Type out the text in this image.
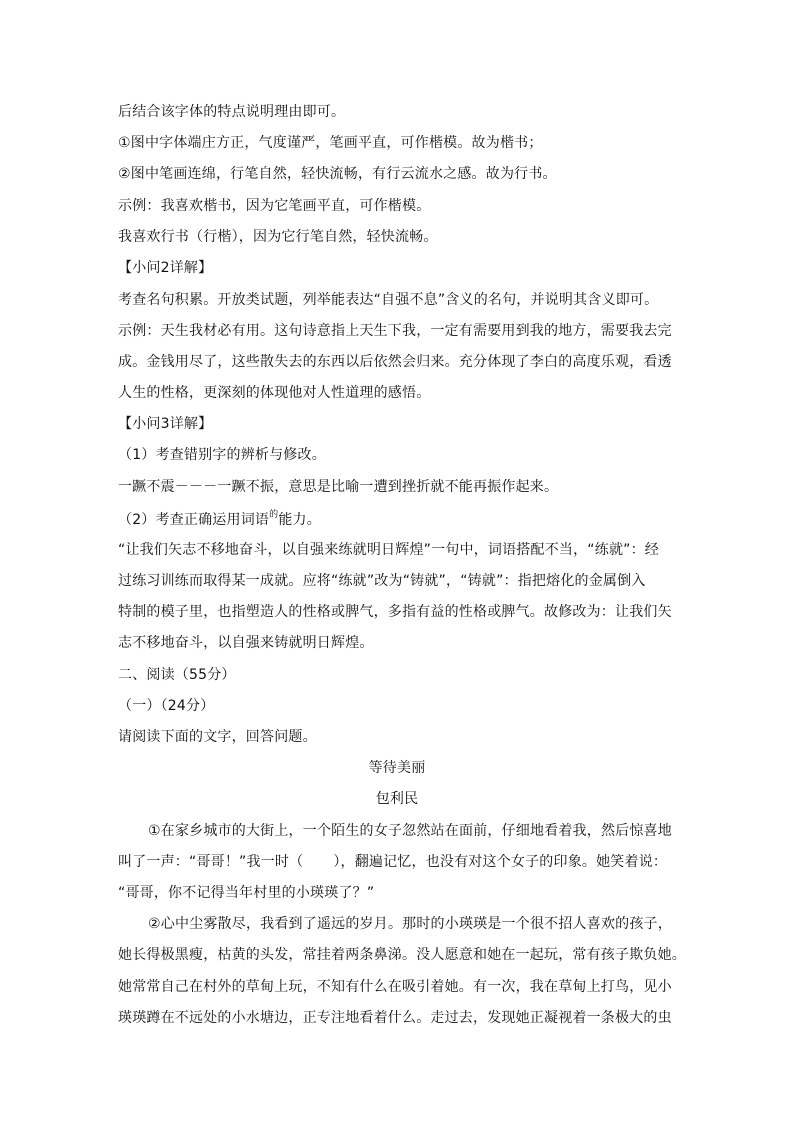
后结合该字体的特点说明理由即可。
①图中字体端庄方正，气度谨严，笔画平直，可作楷模。故为楷书；
②图中笔画连绵，行笔自然，轻快流畅，有行云流水之感。故为行书。
示例：我喜欢楷书，因为它笔画平直，可作楷模。
我喜欢行书（行楷），因为它行笔自然，轻快流畅。
【小问2详解】
考查名句积累。开放类试题，列举能表达“自强不息”含义的名句，并说明其含义即可。
示例：天生我材必有用。这句诗意指上天生下我，一定有需要用到我的地方，需要我去完
成。金钱用尽了，这些散失去的东西以后依然会归来。充分体现了李白的高度乐观，看透
人生的性格，更深刻的体现他对人性道理的感悟。
【小问3详解】
（1）考查错别字的辨析与修改。
一蹶不震－－－一蹶不振，意思是比喻一遭到挫折就不能再振作起来。
（2）考查正确运用词语$^的$能力。
“让我们矢志不移地奋斗，以自强来练就明日辉煌”一句中，词语搭配不当，“练就”：经
过练习训练而取得某一成就。应将“练就”改为“铸就”，“铸就”：指把熔化的金属倒入
特制的模子里，也指塑造人的性格或脾气，多指有益的性格或脾气。故修改为：让我们矢
志不移地奋斗，以自强来铸就明日辉煌。
二、阅读（55分）
（一）（24分）
请阅读下面的文字，回答问题。
等待美丽
包利民
①在家乡城市的大街上，一个陌生的女子忽然站在面前，仔细地看着我，然后惊喜地
叫了一声：“哥哥！”我一时（ ），翻遍记忆，也没有对这个女子的印象。她笑着说：
“哥哥，你不记得当年村里的小瑛瑛了？”
②心中尘雾散尽，我看到了遥远的岁月。那时的小瑛瑛是一个很不招人喜欢的孩子，
她长得极黑瘦，枯黄的头发，常挂着两条鼻涕。没人愿意和她在一起玩，常有孩子欺负她。
她常常自己在村外的草甸上玩，不知有什么在吸引着她。有一次，我在草甸上打鸟，见小
瑛瑛蹲在不远处的小水塘边，正专注地看着什么。走过去，发现她正凝视着一条极大的虫
